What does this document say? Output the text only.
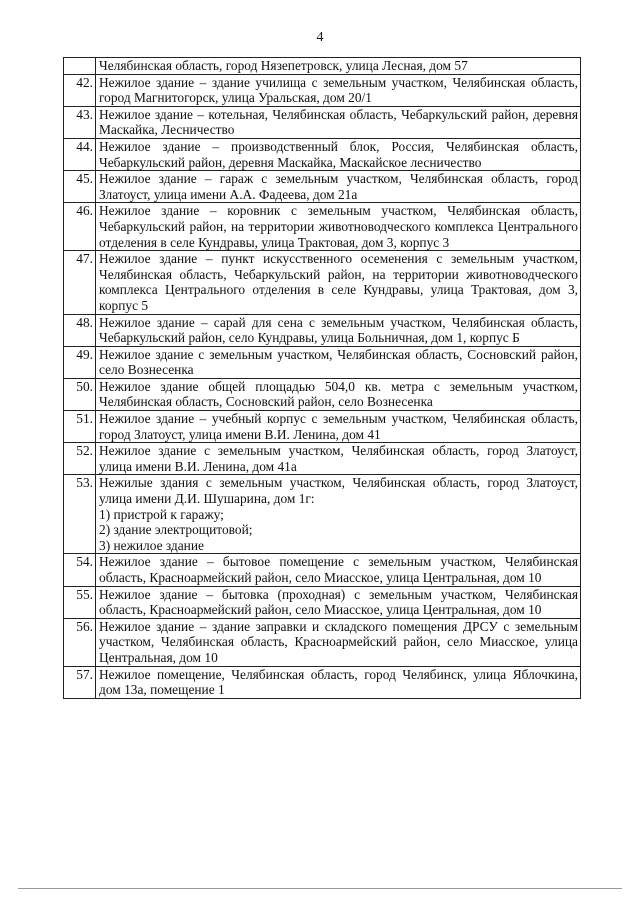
4
	Челябинская область, город Нязепетровск, улица Лесная, дом 57
42.	Нежилое здание – здание училища с земельным участком, Челябинская область, город Магнитогорск, улица Уральская, дом 20/1
43.	Нежилое здание – котельная, Челябинская область, Чебаркульский район, деревня Маскайка, Лесничество
44.	Нежилое здание – производственный блок, Россия, Челябинская область, Чебаркульский район, деревня Маскайка, Маскайское лесничество
45.	Нежилое здание – гараж с земельным участком, Челябинская область, город Златоуст, улица имени А.А. Фадеева, дом 21а
46.	Нежилое здание – коровник с земельным участком, Челябинская область, Чебаркульский район, на территории животноводческого комплекса Центрального отделения в селе Кундравы, улица Трактовая, дом 3, корпус 3
47.	Нежилое здание – пункт искусственного осеменения с земельным участком, Челябинская область, Чебаркульский район, на территории животноводческого комплекса Центрального отделения в селе Кундравы, улица Трактовая, дом 3, корпус 5
48.	Нежилое здание – сарай для сена с земельным участком, Челябинская область, Чебаркульский район, село Кундравы, улица Больничная, дом 1, корпус Б
49.	Нежилое здание с земельным участком, Челябинская область, Сосновский район, село Вознесенка
50.	Нежилое здание общей площадью 504,0 кв. метра с земельным участком, Челябинская область, Сосновский район, село Вознесенка
51.	Нежилое здание – учебный корпус с земельным участком, Челябинская область, город Златоуст, улица имени В.И. Ленина, дом 41
52.	Нежилое здание с земельным участком, Челябинская область, город Златоуст, улица имени В.И. Ленина, дом 41а
53.	Нежилые здания с земельным участком, Челябинская область, город Златоуст, улица имени Д.И. Шушарина, дом 1г:
1) пристрой к гаражу;
2) здание электрощитовой;
3) нежилое здание
54.	Нежилое здание – бытовое помещение с земельным участком, Челябинская область, Красноармейский район, село Миасское, улица Центральная, дом 10
55.	Нежилое здание – бытовка (проходная) с земельным участком, Челябинская область, Красноармейский район, село Миасское, улица Центральная, дом 10
56.	Нежилое здание – здание заправки и складского помещения ДРСУ с земельным участком, Челябинская область, Красноармейский район, село Миасское, улица Центральная, дом 10
57.	Нежилое помещение, Челябинская область, город Челябинск, улица Яблочкина, дом 13а, помещение 1
